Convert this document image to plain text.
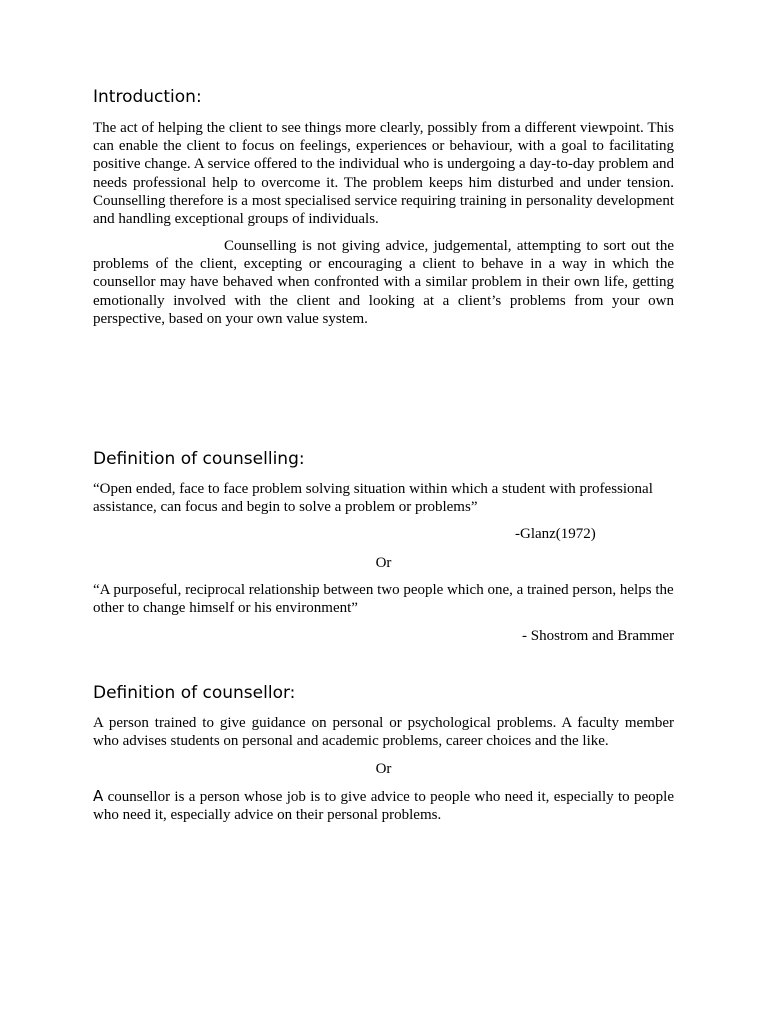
Introduction:

The act of helping the client to see things more clearly, possibly from a different viewpoint. This can enable the client to focus on feelings, experiences or behaviour, with a goal to facilitating positive change. A service offered to the individual who is undergoing a day-to-day problem and needs professional help to overcome it. The problem keeps him disturbed and under tension. Counselling therefore is a most specialised service requiring training in personality development and handling exceptional groups of individuals.

Counselling is not giving advice, judgemental, attempting to sort out the problems of the client, excepting or encouraging a client to behave in a way in which the counsellor may have behaved when confronted with a similar problem in their own life, getting emotionally involved with the client and looking at a client’s problems from your own perspective, based on your own value system.

Definition of counselling:

“Open ended, face to face problem solving situation within which a student with professional assistance, can focus and begin to solve a problem or problems”

-Glanz(1972)

Or

“A purposeful, reciprocal relationship between two people which one, a trained person, helps the other to change himself or his environment”

- Shostrom and Brammer

Definition of counsellor:

A person trained to give guidance on personal or psychological problems. A faculty member who advises students on personal and academic problems, career choices and the like.

Or

A counsellor is a person whose job is to give advice to people who need it, especially to people who need it, especially advice on their personal problems.
